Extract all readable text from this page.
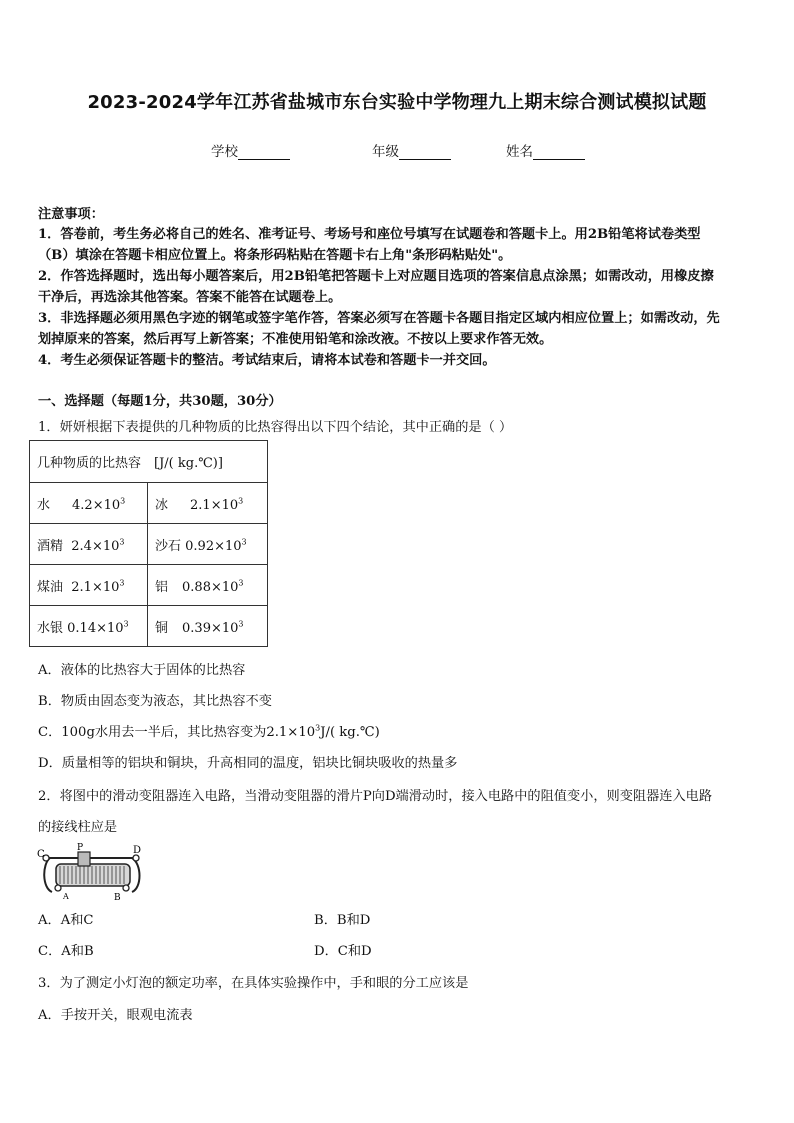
2023-2024学年江苏省盐城市东台实验中学物理九上期末综合测试模拟试题
学校	年级	姓名
注意事项：
1．答卷前，考生务必将自己的姓名、准考证号、考场号和座位号填写在试题卷和答题卡上。用2B铅笔将试卷类型
（B）填涂在答题卡相应位置上。将条形码粘贴在答题卡右上角"条形码粘贴处"。
2．作答选择题时，选出每小题答案后，用2B铅笔把答题卡上对应题目选项的答案信息点涂黑；如需改动，用橡皮擦
干净后，再选涂其他答案。答案不能答在试题卷上。
3．非选择题必须用黑色字迹的钢笔或签字笔作答，答案必须写在答题卡各题目指定区域内相应位置上；如需改动，先
划掉原来的答案，然后再写上新答案；不准使用铅笔和涂改液。不按以上要求作答无效。
4．考生必须保证答题卡的整洁。考试结束后，请将本试卷和答题卡一并交回。
一、选择题（每题1分，共30题，30分）
1．妍妍根据下表提供的几种物质的比热容得出以下四个结论，其中正确的是（ ）
几种物质的比热容　[J/( kg.℃)]	
水 $4.2\times 10^3$	冰 $2.1\times 10^3$
酒精 $2.4\times 10^3$	沙石 $0.92\times 10^3$
煤油 $2.1\times 10^3$	铝 $0.88\times 10^3$
水银 $0.14\times 10^3$	铜 $0.39\times 10^3$
A．液体的比热容大于固体的比热容
B．物质由固态变为液态，其比热容不变
C．100g水用去一半后，其比热容变为$2.1\times 10^3J/$( kg.℃)
D．质量相等的铝块和铜块，升高相同的温度，铝块比铜块吸收的热量多
2．将图中的滑动变阻器连入电路，当滑动变阻器的滑片P向D端滑动时，接入电路中的阻值变小，则变阻器连入电路
的接线柱应是
C
P	D
A	B
A．A和C	B．B和D
C．A和B	D．C和D
3．为了测定小灯泡的额定功率，在具体实验操作中，手和眼的分工应该是
A．手按开关，眼观电流表
